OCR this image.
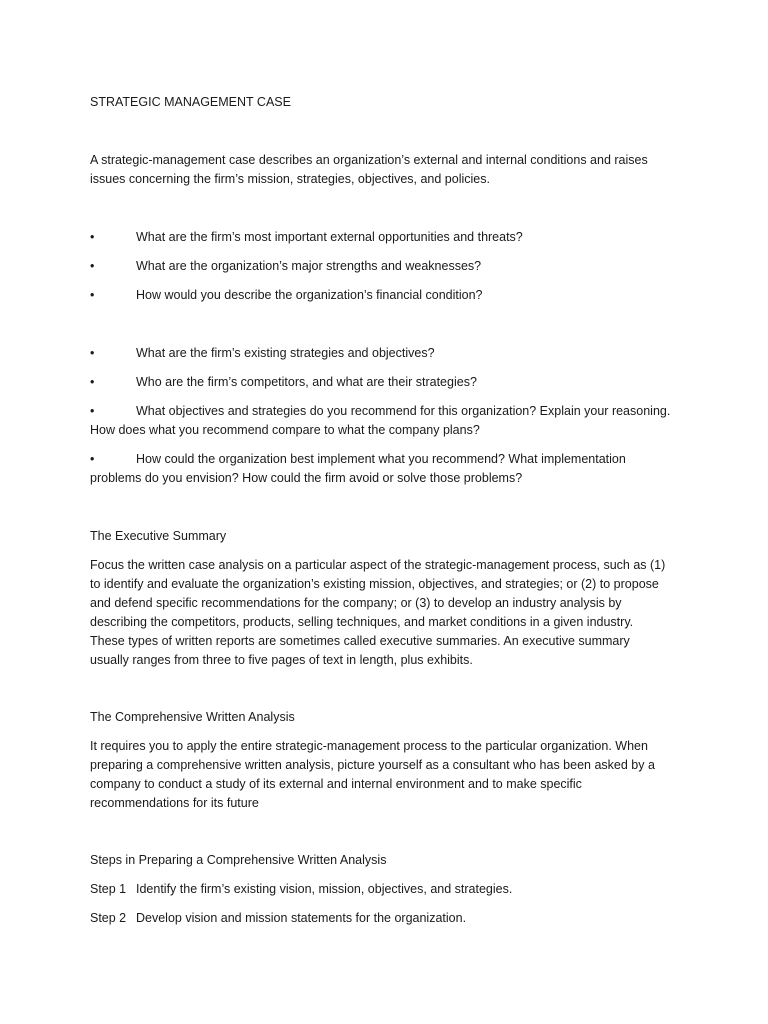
STRATEGIC MANAGEMENT CASE
A strategic-management case describes an organization’s external and internal conditions and raises
issues concerning the firm’s mission, strategies, objectives, and policies.
•	What are the firm’s most important external opportunities and threats?
•	What are the organization’s major strengths and weaknesses?
•	How would you describe the organization’s financial condition?
•	What are the firm’s existing strategies and objectives?
•	Who are the firm’s competitors, and what are their strategies?
•	What objectives and strategies do you recommend for this organization? Explain your reasoning.
How does what you recommend compare to what the company plans?
•	How could the organization best implement what you recommend? What implementation
problems do you envision? How could the firm avoid or solve those problems?
The Executive Summary
Focus the written case analysis on a particular aspect of the strategic-management process, such as (1)
to identify and evaluate the organization’s existing mission, objectives, and strategies; or (2) to propose
and defend specific recommendations for the company; or (3) to develop an industry analysis by
describing the competitors, products, selling techniques, and market conditions in a given industry.
These types of written reports are sometimes called executive summaries. An executive summary
usually ranges from three to five pages of text in length, plus exhibits.
The Comprehensive Written Analysis
It requires you to apply the entire strategic-management process to the particular organization. When
preparing a comprehensive written analysis, picture yourself as a consultant who has been asked by a
company to conduct a study of its external and internal environment and to make specific
recommendations for its future
Steps in Preparing a Comprehensive Written Analysis
Step 1 Identify the firm’s existing vision, mission, objectives, and strategies.
Step 2 Develop vision and mission statements for the organization.
